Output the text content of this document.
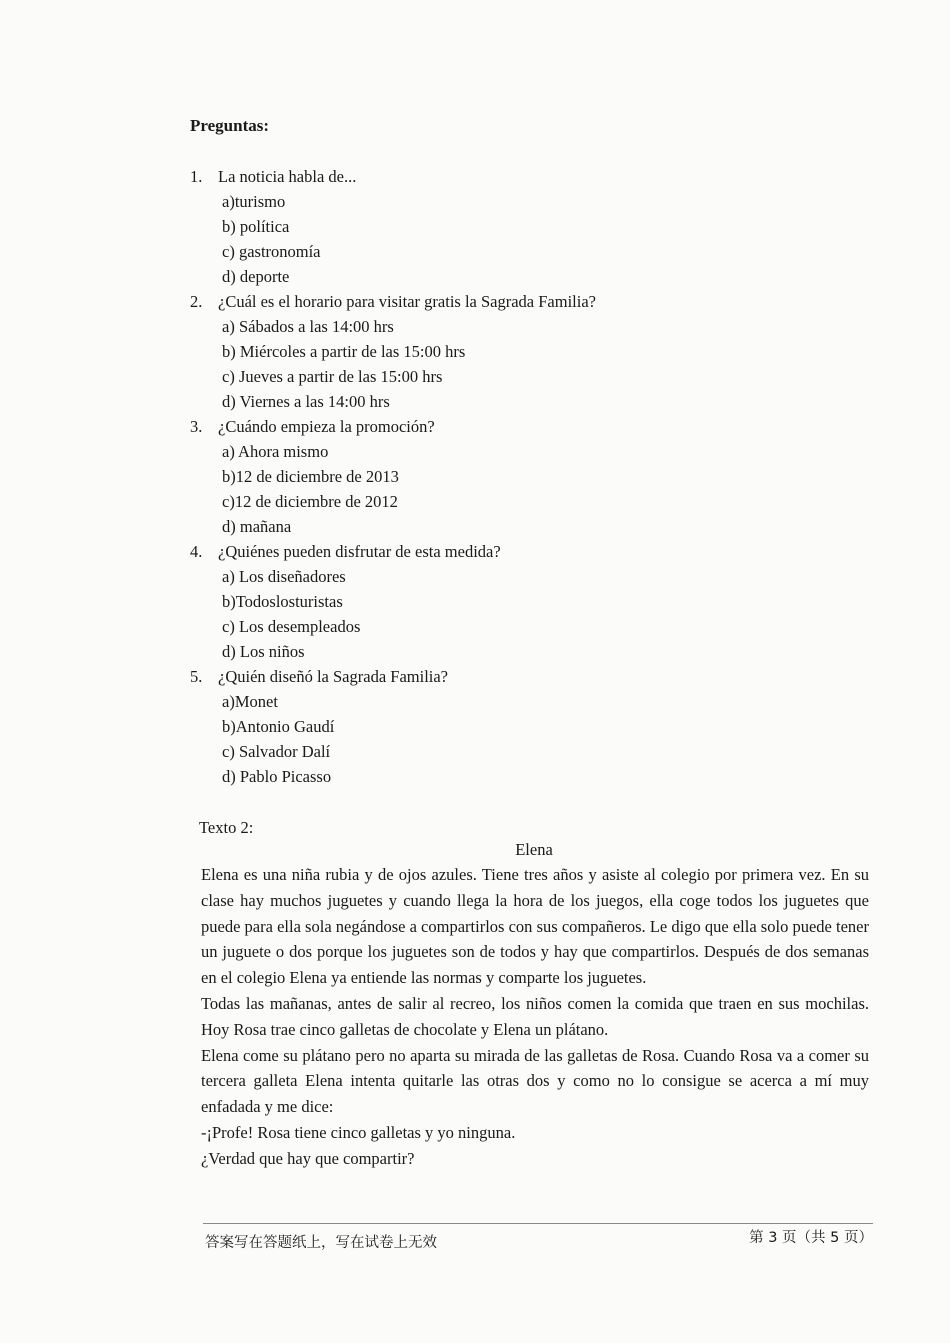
Preguntas:
1. La noticia habla de...
a)turismo
b) política
c) gastronomía
d) deporte
2. ¿Cuál es el horario para visitar gratis la Sagrada Familia?
a) Sábados a las 14:00 hrs
b) Miércoles a partir de las 15:00 hrs
c) Jueves a partir de las 15:00 hrs
d) Viernes a las 14:00 hrs
3. ¿Cuándo empieza la promoción?
a) Ahora mismo
b)12 de diciembre de 2013
c)12 de diciembre de 2012
d) mañana
4. ¿Quiénes pueden disfrutar de esta medida?
a) Los diseñadores
b)Todoslosturistas
c) Los desempleados
d) Los niños
5. ¿Quién diseñó la Sagrada Familia?
a)Monet
b)Antonio Gaudí
c) Salvador Dalí
d) Pablo Picasso
Texto 2:
Elena

Elena es una niña rubia y de ojos azules. Tiene tres años y asiste al colegio por primera vez. En su clase hay muchos juguetes y cuando llega la hora de los juegos, ella coge todos los juguetes que puede para ella sola negándose a compartirlos con sus compañeros. Le digo que ella solo puede tener un juguete o dos porque los juguetes son de todos y hay que compartirlos. Después de dos semanas en el colegio Elena ya entiende las normas y comparte los juguetes.

Todas las mañanas, antes de salir al recreo, los niños comen la comida que traen en sus mochilas. Hoy Rosa trae cinco galletas de chocolate y Elena un plátano.

Elena come su plátano pero no aparta su mirada de las galletas de Rosa. Cuando Rosa va a comer su tercera galleta Elena intenta quitarle las otras dos y como no lo consigue se acerca a mí muy enfadada y me dice:

-¡Profe! Rosa tiene cinco galletas y yo ninguna.

¿Verdad que hay que compartir?

答案写在答题纸上，写在试卷上无效	第 3 页（共 5 页）
